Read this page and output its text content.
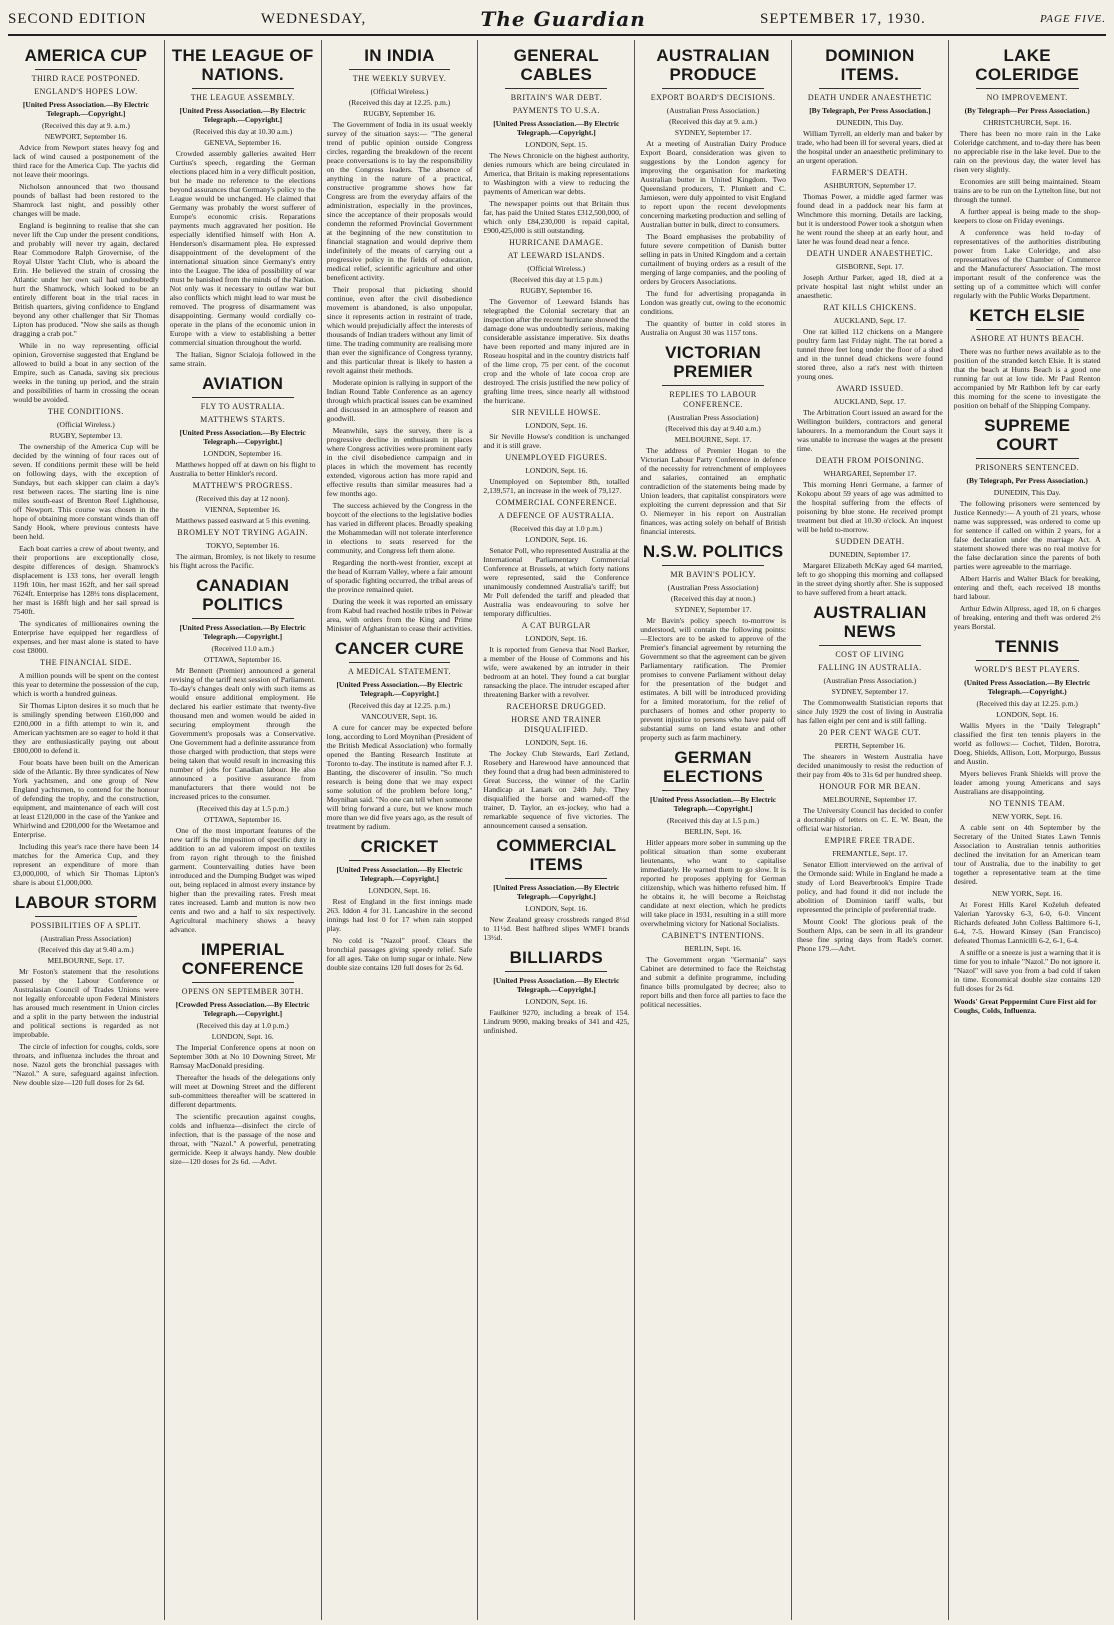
SECOND EDITION	WEDNESDAY,	The Guardian	SEPTEMBER 17, 1930.	PAGE FIVE.
AMERICA CUP
THIRD RACE POSTPONED.
ENGLAND'S HOPES LOW.
[United Press Association.—By Electric Telegraph.—Copyright.]
(Received this day at 9. a.m.)
NEWPORT, September 16.
Advice from Newport states heavy fog and lack of wind caused a postponement of the third race for the America Cup. The yachts did not leave their moorings.
Nicholson announced that two thousand pounds of ballast had been restored to the Shamrock last night, and possibly other changes will be made.
England is beginning to realise that she can never lift the Cup under the present conditions, and probably will never try again, declared Rear Commodore Ralph Grovernise, of the Royal Ulster Yacht Club, who is aboard the Erin. He believed the strain of crossing the Atlantic under her own sail had undoubtedly hurt the Shamrock, which looked to be an entirely different boat in the trial races in British quarters, giving confidence to England beyond any other challenger that Sir Thomas Lipton has produced. "Now she sails as though dragging a crab pot."
While in no way representing official opinion, Grovernise suggested that England be allowed to build a boat in any section of the Empire, such as Canada, saving six precious weeks in the tuning up period, and the strain and possibilities of harm in crossing the ocean would be avoided.
THE CONDITIONS.
(Official Wireless.)
RUGBY, September 13.
The ownership of the America Cup will be decided by the winning of four races out of seven. If conditions permit these will be held on following days, with the exception of Sundays, but each skipper can claim a day's rest between races. The starting line is nine miles south-east of Brenton Reef Lighthouse, off Newport. This course was chosen in the hope of obtaining more constant winds than off Sandy Hook, where previous contests have been held.
Each boat carries a crew of about twenty, and their proportions are exceptionally close, despite differences of design. Shamrock's displacement is 133 tons, her overall length 119ft 10in, her mast 162ft, and her sail spread 7624ft. Enterprise has 128½ tons displacement, her mast is 168ft high and her sail spread is 7540ft.
The syndicates of millionaires owning the Enterprise have equipped her regardless of expenses, and her mast alone is stated to have cost £8000.
THE FINANCIAL SIDE.
A million pounds will be spent on the contest this year to determine the possession of the cup, which is worth a hundred guineas.
Sir Thomas Lipton desires it so much that he is smilingly spending between £160,000 and £200,000 in a fifth attempt to win it, and American yachtsmen are so eager to hold it that they are enthusiastically paying out about £800,000 to defend it.
Four boats have been built on the American side of the Atlantic. By three syndicates of New York yachtsmen, and one group of New England yachtsmen, to contend for the honour of defending the trophy, and the construction, equipment, and maintenance of each will cost at least £120,000 in the case of the Yankee and Whirlwind and £200,000 for the Weetamoe and Enterprise.
Including this year's race there have been 14 matches for the America Cup, and they represent an expenditure of more than £3,000,000, of which Sir Thomas Lipton's share is about £1,000,000.
LABOUR STORM
POSSIBILITIES OF A SPLIT.
(Australian Press Association)
(Received this day at 9.40 a.m.)
MELBOURNE, Sept. 17.
Mr Foston's statement that the resolutions passed by the Labour Conference or Australasian Council of Trades Unions were not legally enforceable upon Federal Ministers has aroused much resentment in Union circles and a split in the party between the industrial and political sections is regarded as not improbable.
The circle of infection for coughs, colds, sore throats, and influenza includes the throat and nose. Nazol gets the bronchial passages with "Nazol." A sure, safeguard against infection. New double size—120 full doses for 2s 6d.
THE LEAGUE OF NATIONS.
THE LEAGUE ASSEMBLY.
[United Press Association.—By Electric Telegraph.—Copyright.]
(Received this day at 10.30 a.m.)
GENEVA, September 16.
Crowded assembly galleries awaited Herr Curtius's speech, regarding the German elections placed him in a very difficult position, but he made no reference to the elections beyond assurances that Germany's policy to the League would be unchanged. He claimed that Germany was probably the worst sufferer of Europe's economic crisis. Reparations payments much aggravated her position. He especially identified himself with Hon A. Henderson's disarmament plea. He expressed disappointment of the development of the international situation since Germany's entry into the League. The idea of possibility of war must be banished from the minds of the Nation. Not only was it necessary to outlaw war but also conflicts which might lead to war must be removed. The progress of disarmament was disappointing. Germany would cordially co-operate in the plans of the economic union in Europe with a view to establishing a better commercial situation throughout the world.
The Italian, Signor Scialoja followed in the same strain.
AVIATION
FLY TO AUSTRALIA.
MATTHEWS STARTS.
[United Press Association.—By Electric Telegraph.—Copyright.]
LONDON, September 16.
Matthews hopped off at dawn on his flight to Australia to better Hinkler's record.
MATTHEW'S PROGRESS.
(Received this day at 12 noon).
VIENNA, September 16.
Matthews passed eastward at 5 this evening.
BROMLEY NOT TRYING AGAIN.
TOKYO, September 16.
The airman, Bromley, is not likely to resume his flight across the Pacific.
CANADIAN POLITICS
[United Press Association.—By Electric Telegraph.—Copyright.]
(Received 11.0 a.m.)
OTTAWA, September 16.
Mr Bennett (Premier) announced a general revising of the tariff next session of Parliament. To-day's changes dealt only with such items as would ensure additional employment. He declared his earlier estimate that twenty-five thousand men and women would be aided in securing employment through the Government's proposals was a Conservative. One Government had a definite assurance from those charged with production, that steps were being taken that would result in increasing this number of jobs for Canadian labour. He also announced a positive assurance from manufacturers that there would not be increased prices to the consumer.
(Received this day at 1.5 p.m.)
OTTAWA, September 16.
One of the most important features of the new tariff is the imposition of specific duty in addition to an ad valorem impost on textiles from rayon right through to the finished garment. Countervailing duties have been introduced and the Dumping Budget was wiped out, being replaced in almost every instance by higher than the prevailing rates. Fresh meat rates increased. Lamb and mutton is now two cents and two and a half to six respectively. Agricultural machinery shows a heavy advance.
IMPERIAL CONFERENCE
OPENS ON SEPTEMBER 30TH.
[Crowded Press Association.—By Electric Telegraph.—Copyright.]
(Received this day at 1.0 p.m.)
LONDON, Sept. 16.
The Imperial Conference opens at noon on September 30th at No 10 Downing Street, Mr Ramsay MacDonald presiding.
Thereafter the heads of the delegations only will meet at Downing Street and the different sub-committees thereafter will be scattered in different departments.
The scientific precaution against coughs, colds and influenza—disinfect the circle of infection, that is the passage of the nose and throat, with "Nazol." A powerful, penetrating germicide. Keep it always handy. New double size—120 doses for 2s 6d. —Advt.
IN INDIA
THE WEEKLY SURVEY.
(Official Wireless.)
(Received this day at 12.25. p.m.)
RUGBY, September 16.
The Government of India in its usual weekly survey of the situation says:— "The general trend of public opinion outside Congress circles, regarding the breakdown of the recent peace conversations is to lay the responsibility on the Congress leaders. The absence of anything in the nature of a practical, constructive programme shows how far Congress are from the everyday affairs of the administration, especially in the provinces, since the acceptance of their proposals would condemn the reformed Provincial Government at the beginning of the new constitution to financial stagnation and would deprive them indefinitely of the means of carrying out a progressive policy in the fields of education, medical relief, scientific agriculture and other beneficent activity.
Their proposal that picketing should continue, even after the civil disobedience movement is abandoned, is also unpopular, since it represents action in restraint of trade, which would prejudicially affect the interests of thousands of Indian traders without any limit of time. The trading community are realising more than ever the significance of Congress tyranny, and this particular threat is likely to hasten a revolt against their methods.
Moderate opinion is rallying in support of the Indian Round Table Conference as an agency through which practical issues can be examined and discussed in an atmosphere of reason and goodwill.
Meanwhile, says the survey, there is a progressive decline in enthusiasm in places where Congress activities were prominent early in the civil disobedience campaign and in places in which the movement has recently extended, vigorous action has more rapid and effective results than similar measures had a few months ago.
The success achieved by the Congress in the boycott of the elections to the legislative bodies has varied in different places. Broadly speaking the Mohammedan will not tolerate interference in elections to seats reserved for the community, and Congress left them alone.
Regarding the north-west frontier, except at the head of Kurram Valley, where a fair amount of sporadic fighting occurred, the tribal areas of the province remained quiet.
During the week it was reported an emissary from Kabul had reached hostile tribes in Peiwar area, with orders from the King and Prime Minister of Afghanistan to cease their activities.
CANCER CURE
A MEDICAL STATEMENT.
[United Press Association.—By Electric Telegraph.—Copyright.]
(Received this day at 12.25. p.m.)
VANCOUVER, Sept. 16.
A cure for cancer may be expected before long, according to Lord Moynihan (President of the British Medical Association) who formally opened the Banting Research Institute at Toronto to-day. The institute is named after F. J. Banting, the discoverer of insulin. "So much research is being done that we may expect some solution of the problem before long," Moynihan said. "No one can tell when someone will bring forward a cure, but we know much more than we did five years ago, as the result of treatment by radium.
CRICKET
[United Press Association.—By Electric Telegraph.—Copyright.]
LONDON, Sept. 16.
Rest of England in the first innings made 263. Iddon 4 for 31. Lancashire in the second innings had lost 0 for 17 when rain stopped play.
No cold is "Nazol" proof. Clears the bronchial passages giving speedy relief. Safe for all ages. Take on lump sugar or inhale. New double size contains 120 full doses for 2s 6d.
GENERAL CABLES
BRITAIN'S WAR DEBT.
PAYMENTS TO U.S.A.
[United Press Association.—By Electric Telegraph.—Copyright.]
LONDON, Sept. 15.
The News Chronicle on the highest authority, denies rumours which are being circulated in America, that Britain is making representations to Washington with a view to reducing the payments of American war debts.
The newspaper points out that Britain thus far, has paid the United States £312,500,000, of which only £84,230,000 is repaid capital, £900,425,000 is still outstanding.
HURRICANE DAMAGE.
AT LEEWARD ISLANDS.
(Official Wireless.)
(Received this day at 1.5 p.m.)
RUGBY, September 16.
The Governor of Leeward Islands has telegraphed the Colonial secretary that an inspection after the recent hurricane showed the damage done was undoubtedly serious, making considerable assistance imperative. Six deaths have been reported and many injured are in Roseau hospital and in the country districts half of the lime crop, 75 per cent. of the coconut crop and the whole of late cocoa crop are destroyed. The crisis justified the new policy of grafting lime trees, since nearly all withstood the hurricane.
SIR NEVILLE HOWSE.
LONDON, Sept. 16.
Sir Neville Howse's condition is unchanged and it is still grave.
UNEMPLOYED FIGURES.
LONDON, Sept. 16.
Unemployed on September 8th, totalled 2,139,571, an increase in the week of 79,127.
COMMERCIAL CONFERENCE.
A DEFENCE OF AUSTRALIA.
(Received this day at 1.0 p.m.)
LONDON, Sept. 16.
Senator Poll, who represented Australia at the International Parliamentary Commercial Conference at Brussels, at which forty nations were represented, said the Conference unanimously condemned Australia's tariff; but Mr Poll defended the tariff and pleaded that Australia was endeavouring to solve her temporary difficulties.
A CAT BURGLAR
LONDON, Sept. 16.
It is reported from Geneva that Noel Barker, a member of the House of Commons and his wife, were awakened by an intruder in their bedroom at an hotel. They found a cat burglar ransacking the place. The intruder escaped after threatening Barker with a revolver.
RACEHORSE DRUGGED.
HORSE AND TRAINER DISQUALIFIED.
LONDON, Sept. 16.
The Jockey Club Stewards, Earl Zetland, Rosebery and Harewood have announced that they found that a drug had been administered to Great Success, the winner of the Carlin Handicap at Lanark on 24th July. They disqualified the horse and warned-off the trainer, D. Taylor, an ex-jockey, who had a remarkable sequence of five victories. The announcement caused a sensation.
COMMERCIAL ITEMS
[United Press Association.—By Electric Telegraph.—Copyright.]
LONDON, Sept. 16.
New Zealand greasy crossbreds ranged 8½d to 11½d. Best halfbred slipes WMF1 brands 13½d.
BILLIARDS
[United Press Association.—By Electric Telegraph.—Copyright.]
LONDON, Sept. 16.
Faulkiner 9270, including a break of 154. Lindrum 9090, making breaks of 341 and 425, unfinished.
AUSTRALIAN PRODUCE
EXPORT BOARD'S DECISIONS.
(Australian Press Association.)
(Received this day at 9. a.m.)
SYDNEY, September 17.
At a meeting of Australian Dairy Produce Export Board, consideration was given to suggestions by the London agency for improving the organisation for marketing Australian butter in United Kingdom. Two Queensland producers, T. Plunkett and C. Jamieson, were duly appointed to visit England to report upon the recent developments concerning marketing production and selling of Australian butter in bulk, direct to consumers.
The Board emphasises the probability of future severe competition of Danish butter selling in pats in United Kingdom and a certain curtailment of buying orders as a result of the merging of large companies, and the pooling of orders by Grocers Associations.
The fund for advertising propaganda in London was greatly cut, owing to the economic conditions.
The quantity of butter in cold stores in Australia on August 30 was 1157 tons.
VICTORIAN PREMIER
REPLIES TO LABOUR CONFERENCE.
(Australian Press Association)
(Received this day at 9.40 a.m.)
MELBOURNE, Sept. 17.
The address of Premier Hogan to the Victorian Labour Party Conference in defence of the necessity for retrenchment of employees and salaries, contained an emphatic contradiction of the statements being made by Union leaders, that capitalist conspirators were exploiting the current depression and that Sir O. Niemeyer in his report on Australian finances, was acting solely on behalf of British financial interests.
N.S.W. POLITICS
MR BAVIN'S POLICY.
(Australian Press Association)
(Received this day at noon.)
SYDNEY, September 17.
Mr Bavin's policy speech to-morrow is understood, will contain the following points:—Electors are to be asked to approve of the Premier's financial agreement by returning the Government so that the agreement can be given Parliamentary ratification. The Premier promises to convene Parliament without delay for the presentation of the budget and estimates. A bill will be introduced providing for a limited moratorium, for the relief of purchasers of homes and other property to prevent injustice to persons who have paid off substantial sums on land estate and other property such as farm machinery.
GERMAN ELECTIONS
[United Press Association.—By Electric Telegraph.—Copyright.]
(Received this day at 1.5 p.m.)
BERLIN, Sept. 16.
Hitler appears more sober in summing up the political situation than some exuberant lieutenants, who want to capitalise immediately. He warned them to go slow. It is reported he proposes applying for German citizenship, which was hitherto refused him. If he obtains it, he will become a Reichstag candidate at next election, which he predicts will take place in 1931, resulting in a still more overwhelming victory for National Socialists.
CABINET'S INTENTIONS.
BERLIN, Sept. 16.
The Government organ "Germania" says Cabinet are determined to face the Reichstag and submit a definite programme, including finance bills promulgated by decree; also to report bills and then force all parties to face the political necessities.
DOMINION ITEMS.
DEATH UNDER ANAESTHETIC
[By Telegraph, Per Press Association.]
DUNEDIN, This Day.
William Tyrrell, an elderly man and baker by trade, who had been ill for several years, died at the hospital under an anaesthetic preliminary to an urgent operation.
FARMER'S DEATH.
ASHBURTON, September 17.
Thomas Power, a middle aged farmer was found dead in a paddock near his farm at Winchmore this morning. Details are lacking, but it is understood Power took a shotgun when he went round the sheep at an early hour, and later he was found dead near a fence.
DEATH UNDER ANAESTHETIC.
GISBORNE, Sept. 17.
Joseph Arthur Parker, aged 18, died at a private hospital last night whilst under an anaesthetic.
RAT KILLS CHICKENS.
AUCKLAND, Sept. 17.
One rat killed 112 chickens on a Mangere poultry farm last Friday night. The rat bored a tunnel three feet long under the floor of a shed and in the tunnel dead chickens were found stored three, also a rat's nest with thirteen young ones.
AWARD ISSUED.
AUCKLAND, Sept. 17.
The Arbitration Court issued an award for the Wellington builders, contractors and general labourers. In a memorandum the Court says it was unable to increase the wages at the present time.
DEATH FROM POISONING.
WHARGAREI, September 17.
This morning Henri Germane, a farmer of Kokopu about 59 years of age was admitted to the hospital suffering from the effects of poisoning by blue stone. He received prompt treatment but died at 10.30 o'clock. An inquest will be held to-morrow.
SUDDEN DEATH.
DUNEDIN, September 17.
Margaret Elizabeth McKay aged 64 married, left to go shopping this morning and collapsed in the street dying shortly after. She is supposed to have suffered from a heart attack.
AUSTRALIAN NEWS
COST OF LIVING
FALLING IN AUSTRALIA.
(Australian Press Association.)
SYDNEY, September 17.
The Commonwealth Statistician reports that since July 1929 the cost of living in Australia has fallen eight per cent and is still falling.
20 PER CENT WAGE CUT.
PERTH, September 16.
The shearers in Western Australia have decided unanimously to resist the reduction of their pay from 40s to 31s 6d per hundred sheep.
HONOUR FOR MR BEAN.
MELBOURNE, September 17.
The University Council has decided to confer a doctorship of letters on C. E. W. Bean, the official war historian.
EMPIRE FREE TRADE.
FREMANTLE, Sept. 17.
Senator Elliott interviewed on the arrival of the Ormonde said: While in England he made a study of Lord Beaverbrook's Empire Trade policy, and had found it did not include the abolition of Dominion tariff walls, but represented the principle of preferential trade.
Mount Cook! The glorious peak of the Southern Alps, can be seen in all its grandeur these fine spring days from Rade's corner. Phone 179.—Advt.
LAKE COLERIDGE
NO IMPROVEMENT.
(By Telegraph—Per Press Association.)
CHRISTCHURCH, Sept. 16.
There has been no more rain in the Lake Coleridge catchment, and to-day there has been no appreciable rise in the lake level. Due to the rain on the previous day, the water level has risen very slightly.
Economies are still being maintained. Steam trains are to be run on the Lyttelton line, but not through the tunnel.
A further appeal is being made to the shop-keepers to close on Friday evenings.
A conference was held to-day of representatives of the authorities distributing power from Lake Coleridge, and also representatives of the Chamber of Commerce and the Manufacturers' Association. The most important result of the conference was the setting up of a committee which will confer regularly with the Public Works Department.
KETCH ELSIE
ASHORE AT HUNTS BEACH.
There was no further news available as to the position of the stranded ketch Elsie. It is stated that the beach at Hunts Beach is a good one running far out at low tide. Mr Paul Renton accompanied by Mr Rathbon left by car early this morning for the scene to investigate the position on behalf of the Shipping Company.
SUPREME COURT
PRISONERS SENTENCED.
(By Telegraph, Per Press Association.)
DUNEDIN, This Day.
The following prisoners were sentenced by Justice Kennedy:— A youth of 21 years, whose name was suppressed, was ordered to come up for sentence if called on within 2 years, for a false declaration under the marriage Act. A statement showed there was no real motive for the false declaration since the parents of both parties were agreeable to the marriage.
Albert Harris and Walter Black for breaking, entering and theft, each received 18 months hard labour.
Arthur Edwin Allpress, aged 18, on 6 charges of breaking, entering and theft was ordered 2½ years Borstal.
TENNIS
WORLD'S BEST PLAYERS.
(United Press Association.—By Electric Telegraph.—Copyright.)
(Received this day at 12.25. p.m.)
LONDON, Sept. 16.
Wallis Myers in the "Daily Telegraph" classified the first ten tennis players in the world as follows:— Cochet, Tilden, Borotra, Doeg, Shields, Allison, Lott, Morpurgo, Bussus and Austin.
Myers believes Frank Shields will prove the leader among young Americans and says Australians are disappointing.
NO TENNIS TEAM.
NEW YORK, Sept. 16.
A cable sent on 4th September by the Secretary of the United States Lawn Tennis Association to Australian tennis authorities declined the invitation for an American team tour of Australia, due to the inability to get together a representative team at the time desired.
NEW YORK, Sept. 16.
At Forest Hills Karel Koželuh defeated Valerian Yarovsky 6-3, 6-0, 6-0. Vincent Richards defeated John Colless Baltimore 6-1, 6-4, 7-5. Howard Kinsey (San Francisco) defeated Thomas Lannicilli 6-2, 6-1, 6-4.
A sniffle or a sneeze is just a warning that it is time for you to inhale "Nazol." Do not ignore it. "Nazol" will save you from a bad cold if taken in time. Economical double size contains 120 full doses for 2s 6d.
Woods' Great Peppermint Cure First aid for Coughs, Colds, Influenza.
